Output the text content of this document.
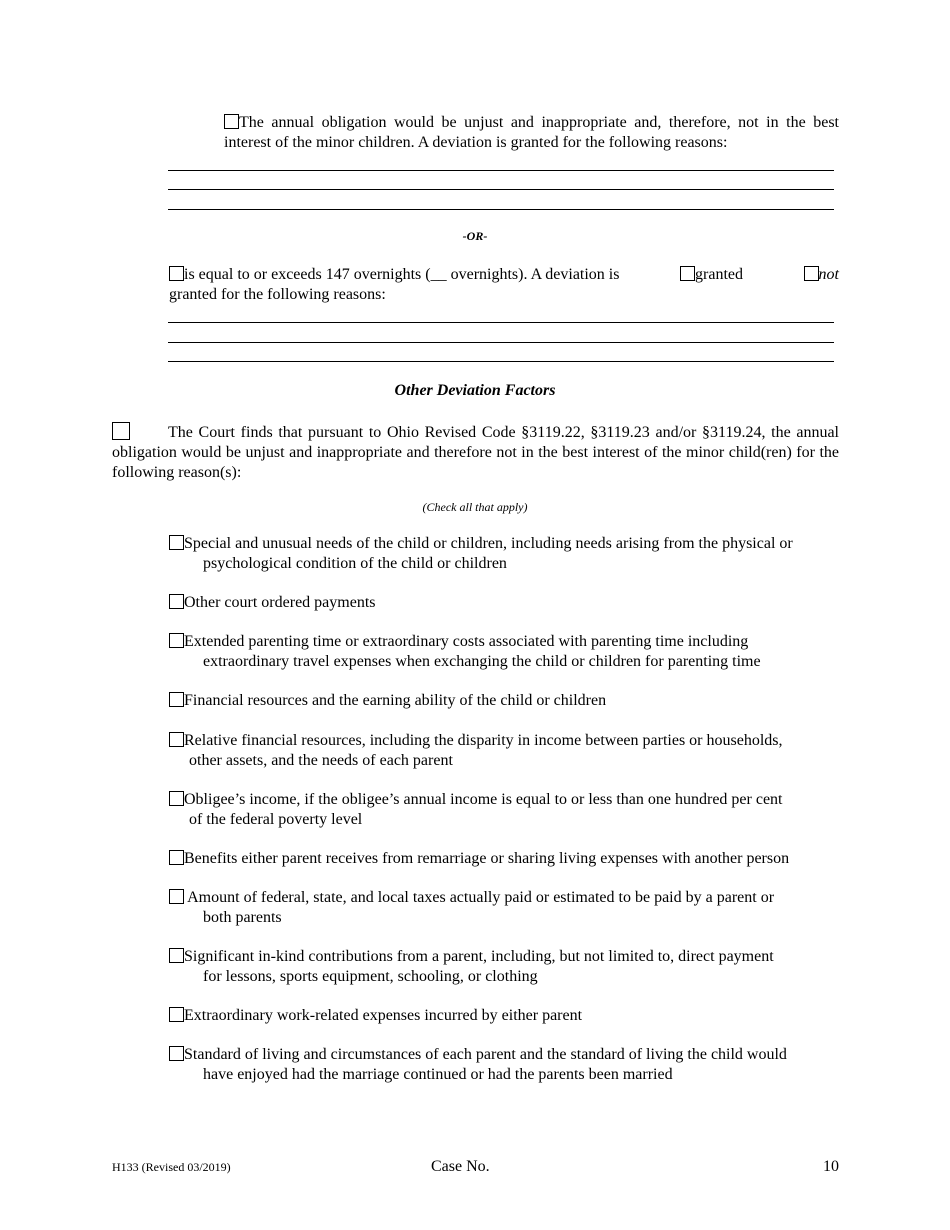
The annual obligation would be unjust and inappropriate and, therefore, not in the best interest of the minor children. A deviation is granted for the following reasons:

-OR-
is equal to or exceeds 147 overnights (__ overnights). A deviation is	granted	not
granted for the following reasons:
Other Deviation Factors

The Court finds that pursuant to Ohio Revised Code §3119.22, §3119.23 and/or §3119.24, the annual obligation would be unjust and inappropriate and therefore not in the best interest of the minor child(ren) for the following reason(s):

(Check all that apply)
Special and unusual needs of the child or children, including needs arising from the physical or
psychological condition of the child or children
Other court ordered payments
Extended parenting time or extraordinary costs associated with parenting time including
extraordinary travel expenses when exchanging the child or children for parenting time
Financial resources and the earning ability of the child or children
Relative financial resources, including the disparity in income between parties or households,
other assets, and the needs of each parent
Obligee’s income, if the obligee’s annual income is equal to or less than one hundred per cent
of the federal poverty level
Benefits either parent receives from remarriage or sharing living expenses with another person
Amount of federal, state, and local taxes actually paid or estimated to be paid by a parent or
both parents
Significant in-kind contributions from a parent, including, but not limited to, direct payment
for lessons, sports equipment, schooling, or clothing
Extraordinary work-related expenses incurred by either parent
Standard of living and circumstances of each parent and the standard of living the child would
have enjoyed had the marriage continued or had the parents been married
H133 (Revised 03/2019)	Case No.	10
